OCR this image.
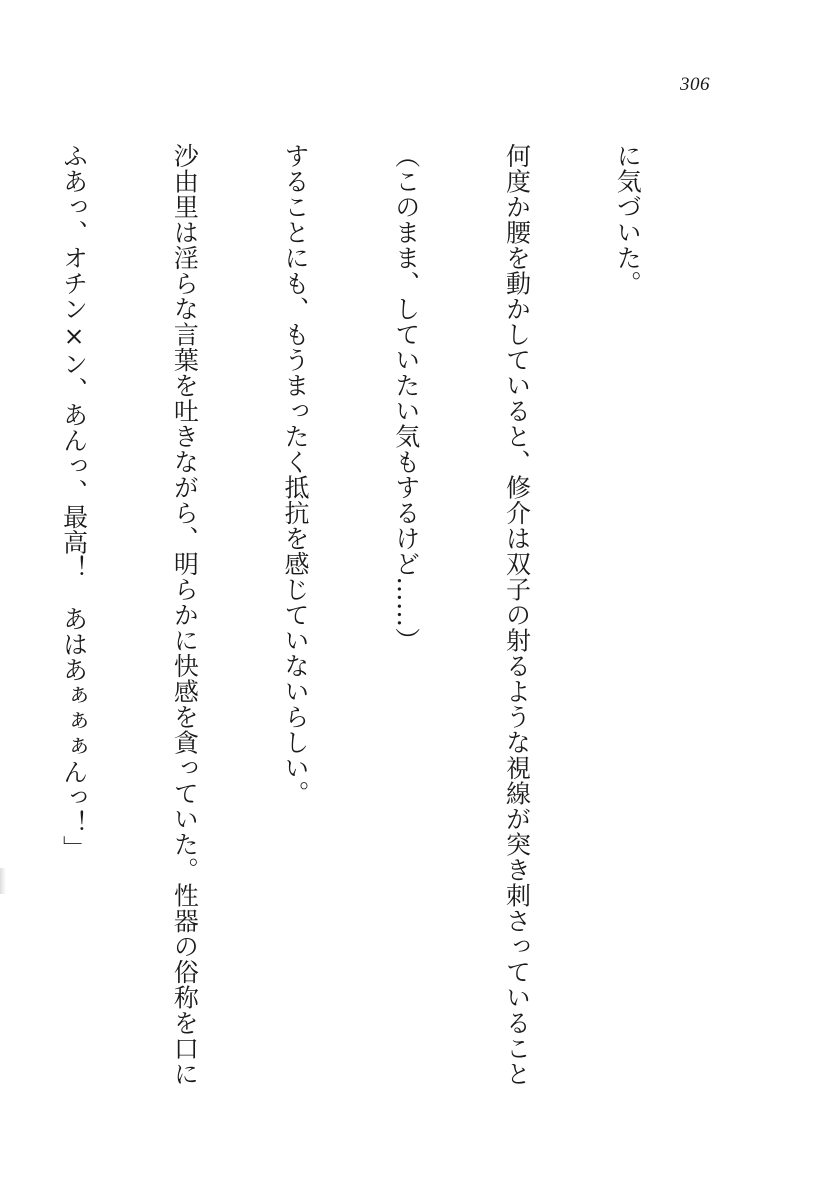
306

に気づいた。

何度か腰を動かしていると、修介は双子の射るような視線が突き刺さっていること

（このまま、していたい気もするけど……）

することにも、もうまったく抵抗を感じていないらしい。

沙由里は淫らな言葉を吐きながら、明らかに快感を貪っていた。性器の俗称を口に

ふあっ、オチン×ン、あんっ、最高！　あはあぁぁぁんっ！」
